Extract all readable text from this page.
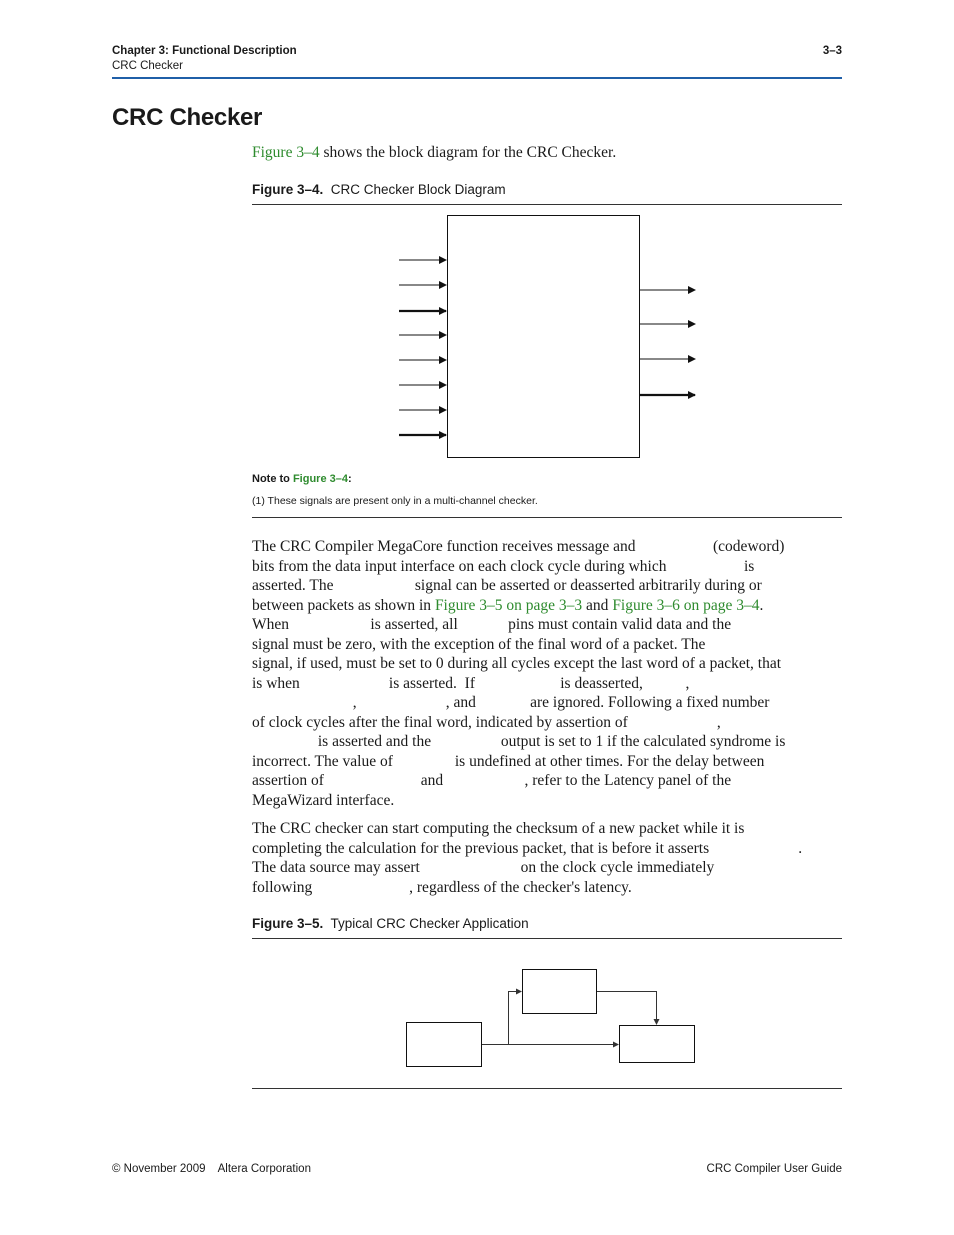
Chapter 3: Functional Description
CRC Checker
3–3
CRC Checker
Figure 3–4 shows the block diagram for the CRC Checker.
Figure 3–4. CRC Checker Block Diagram
Note to Figure 3–4:
(1) These signals are present only in a multi-channel checker.
The CRC Compiler MegaCore function receives message and                    (codeword)
bits from the data input interface on each clock cycle during which                    is
asserted. The                     signal can be asserted or deasserted arbitrarily during or
between packets as shown in Figure 3–5 on page 3–3 and Figure 3–6 on page 3–4.
When                     is asserted, all             pins must contain valid data and the
signal must be zero, with the exception of the final word of a packet. The
signal, if used, must be set to 0 during all cycles except the last word of a packet, that
is when                       is asserted.  If                      is deasserted,           ,
,                       , and              are ignored. Following a fixed number
of clock cycles after the final word, indicated by assertion of                       ,
is asserted and the                  output is set to 1 if the calculated syndrome is
incorrect. The value of                is undefined at other times. For the delay between
assertion of                         and                     , refer to the Latency panel of the
MegaWizard interface.
The CRC checker can start computing the checksum of a new packet while it is
completing the calculation for the previous packet, that is before it asserts                       .
The data source may assert                          on the clock cycle immediately
following                         , regardless of the checker's latency.
Figure 3–5. Typical CRC Checker Application
© November 2009    Altera Corporation	CRC Compiler User Guide
